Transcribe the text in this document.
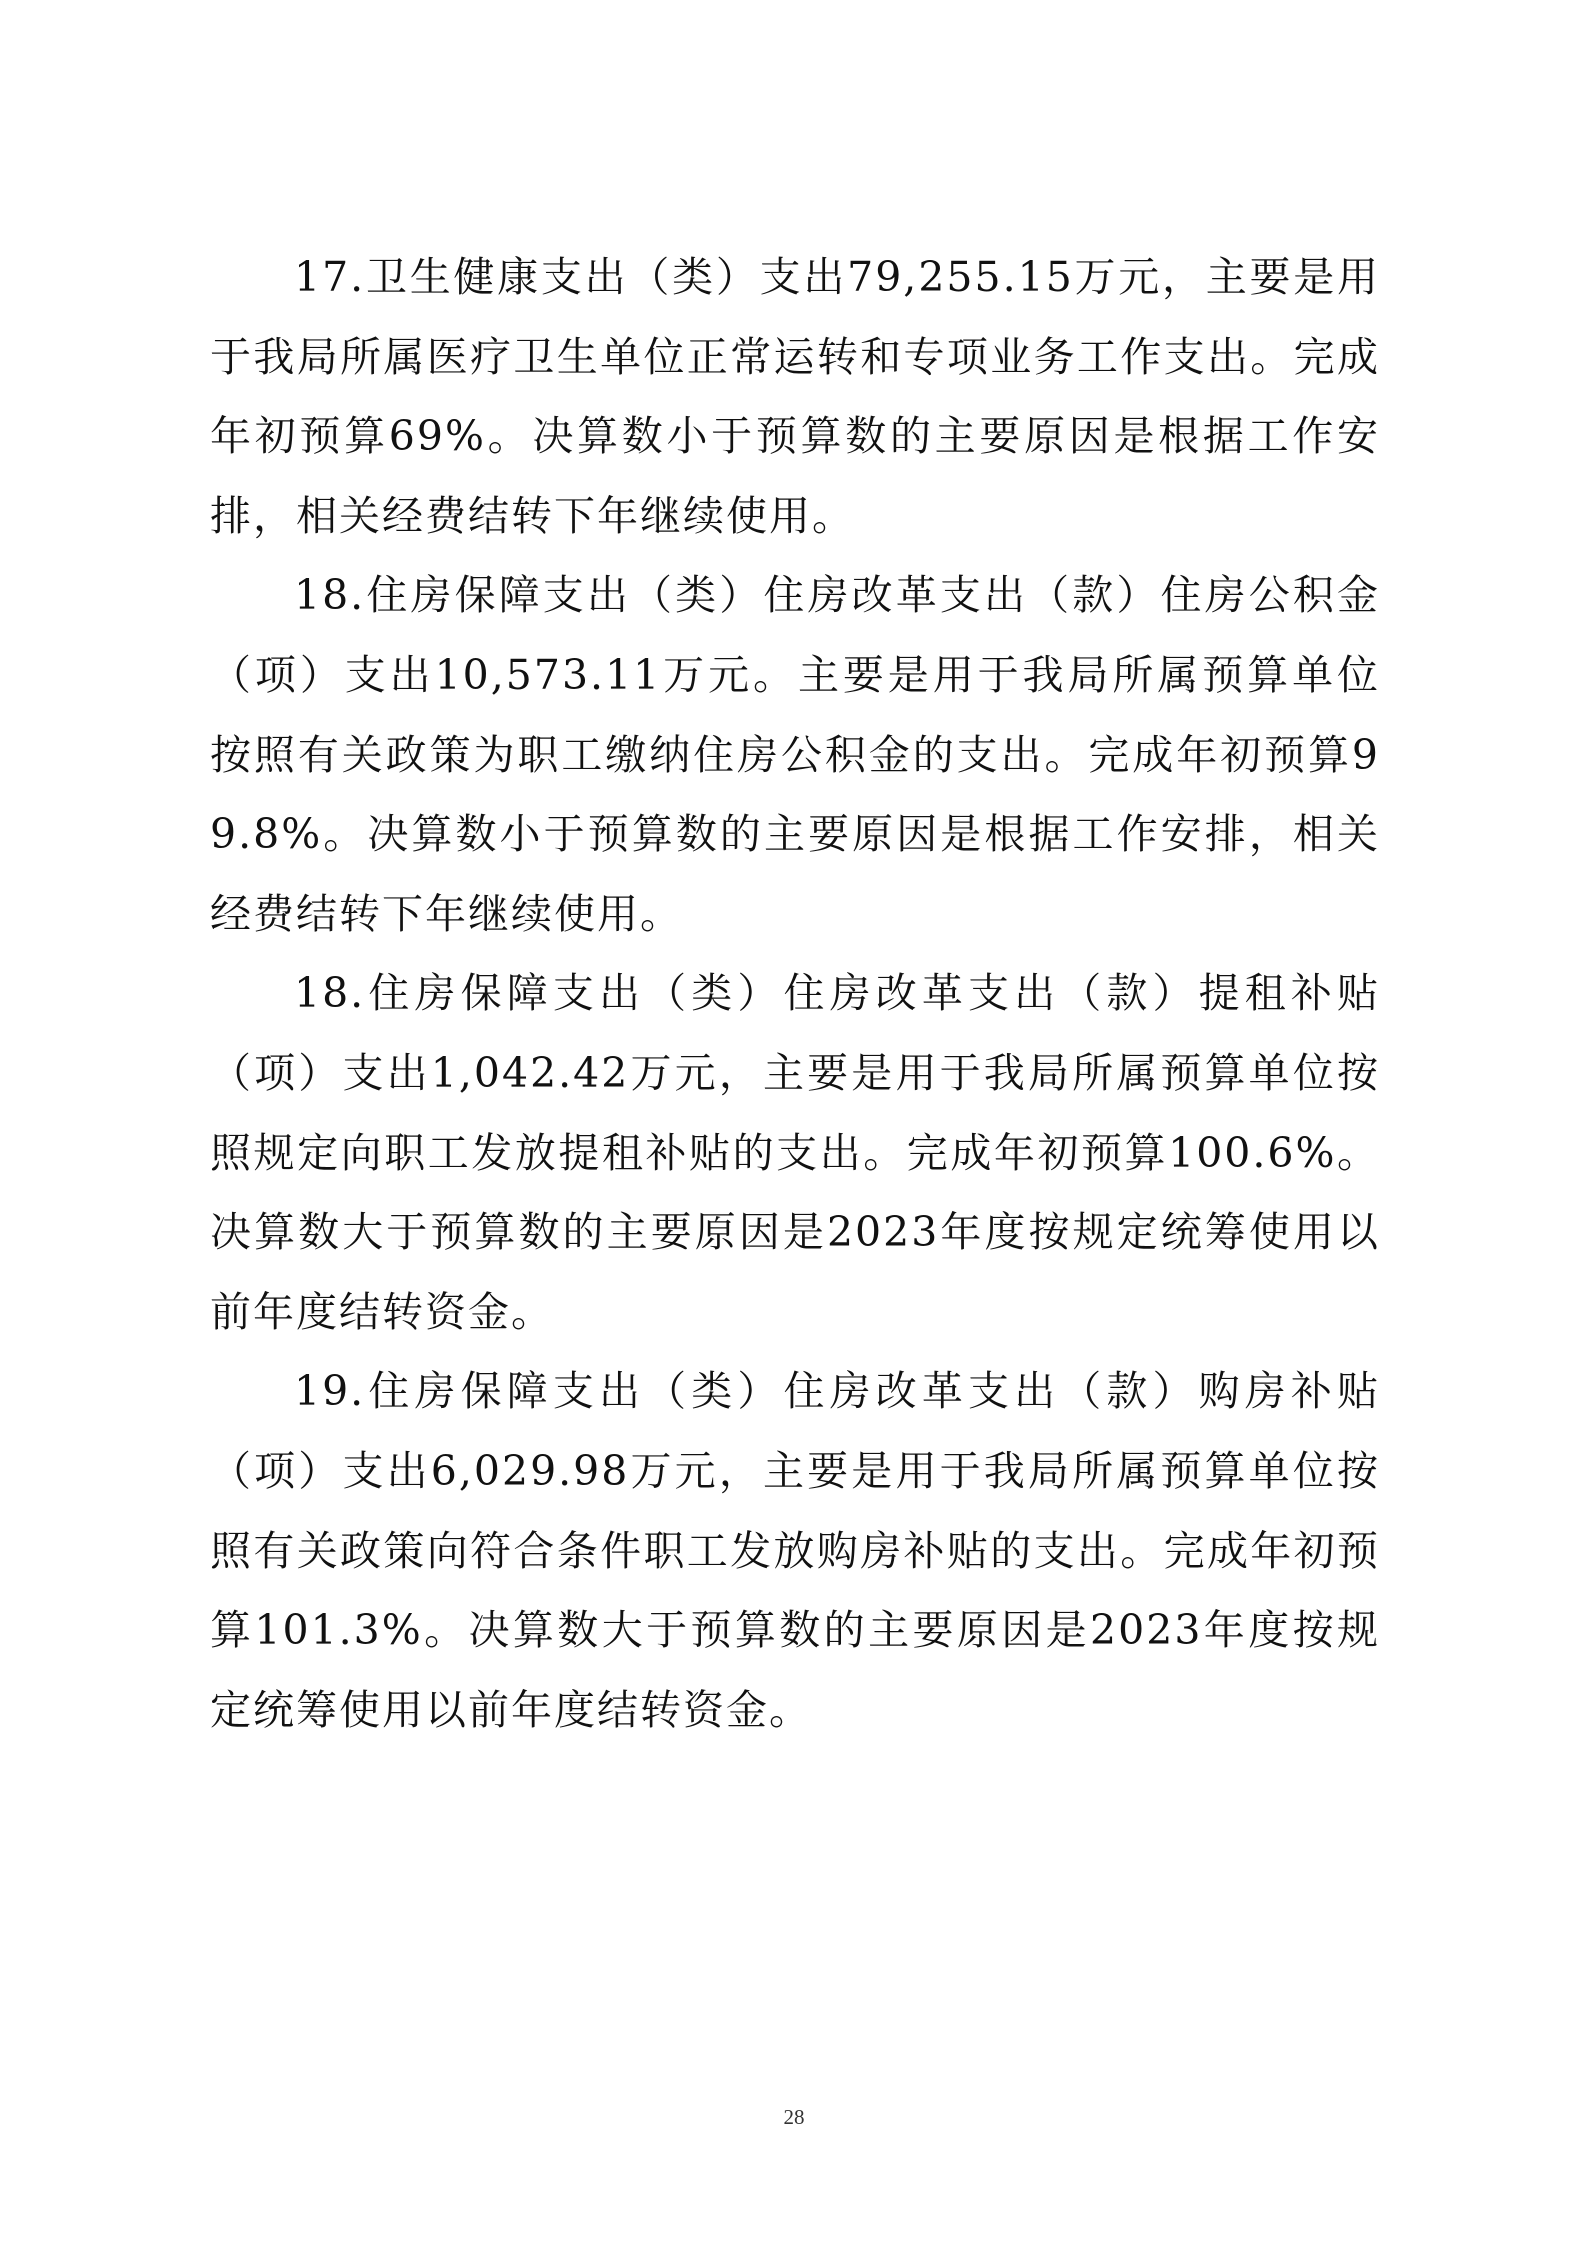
17.卫生健康支出（类）支出79,255.15万元，主要是用于我局所属医疗卫生单位正常运转和专项业务工作支出。完成年初预算69%。决算数小于预算数的主要原因是根据工作安排，相关经费结转下年继续使用。

18.住房保障支出（类）住房改革支出（款）住房公积金（项）支出10,573.11万元。主要是用于我局所属预算单位按照有关政策为职工缴纳住房公积金的支出。完成年初预算99.8%。决算数小于预算数的主要原因是根据工作安排，相关经费结转下年继续使用。

18.住房保障支出（类）住房改革支出（款）提租补贴（项）支出1,042.42万元，主要是用于我局所属预算单位按照规定向职工发放提租补贴的支出。完成年初预算100.6%。决算数大于预算数的主要原因是2023年度按规定统筹使用以前年度结转资金。

19.住房保障支出（类）住房改革支出（款）购房补贴（项）支出6,029.98万元，主要是用于我局所属预算单位按照有关政策向符合条件职工发放购房补贴的支出。完成年初预算101.3%。决算数大于预算数的主要原因是2023年度按规定统筹使用以前年度结转资金。

28
